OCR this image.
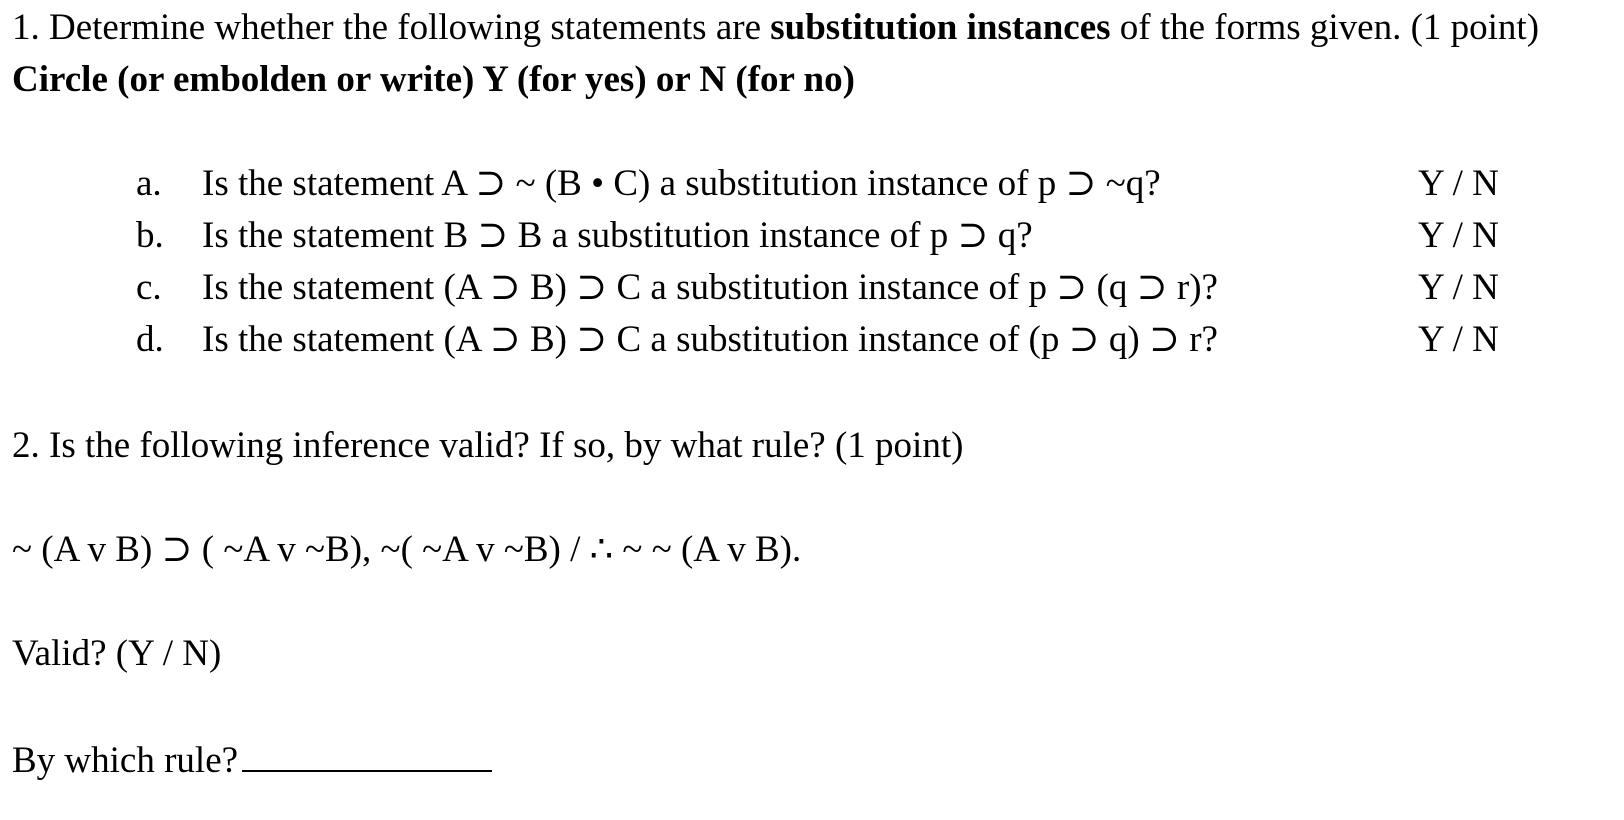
1. Determine whether the following statements are substitution instances of the forms given. (1 point)
Circle (or embolden or write) Y (for yes) or N (for no)
a. Is the statement A ⊃ ~ (B • C) a substitution instance of p ⊃ ~q?	Y / N
b. Is the statement B ⊃ B a substitution instance of p ⊃ q?	Y / N
c. Is the statement (A ⊃ B) ⊃ C a substitution instance of p ⊃ (q ⊃ r)?	Y / N
d. Is the statement (A ⊃ B) ⊃ C a substitution instance of (p ⊃ q) ⊃ r?	Y / N
2. Is the following inference valid? If so, by what rule? (1 point)
~ (A v B) ⊃ ( ~A v ~B), ~( ~A v ~B) / ∴ ~ ~ (A v B).
Valid? (Y / N)
By which rule?
